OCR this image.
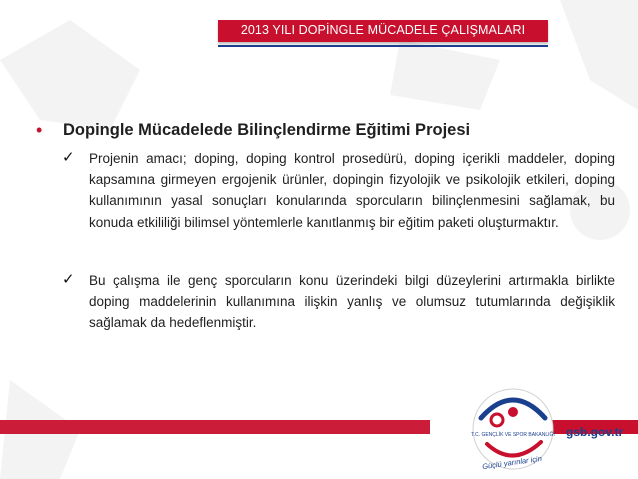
2013 YILI DOPİNGLE MÜCADELE ÇALIŞMALARI
• Dopingle Mücadelede Bilinçlendirme Eğitimi Projesi
✓ Projenin amacı; doping, doping kontrol prosedürü, doping içerikli maddeler, doping kapsamına girmeyen ergojenik ürünler, dopingin fizyolojik ve psikolojik etkileri, doping kullanımının yasal sonuçları konularında sporcuların bilinçlenmesini sağlamak, bu konuda etkililiği bilimsel yöntemlerle kanıtlanmış bir eğitim paketi oluşturmaktır.
✓ Bu çalışma ile genç sporcuların konu üzerindeki bilgi düzeylerini artırmakla birlikte doping maddelerinin kullanımına ilişkin yanlış ve olumsuz tutumlarında değişiklik sağlamak da hedeflenmiştir.
gsb.gov.tr
T.C. GENÇLİK VE SPOR BAKANLIĞI
Güçlü yarınlar için
